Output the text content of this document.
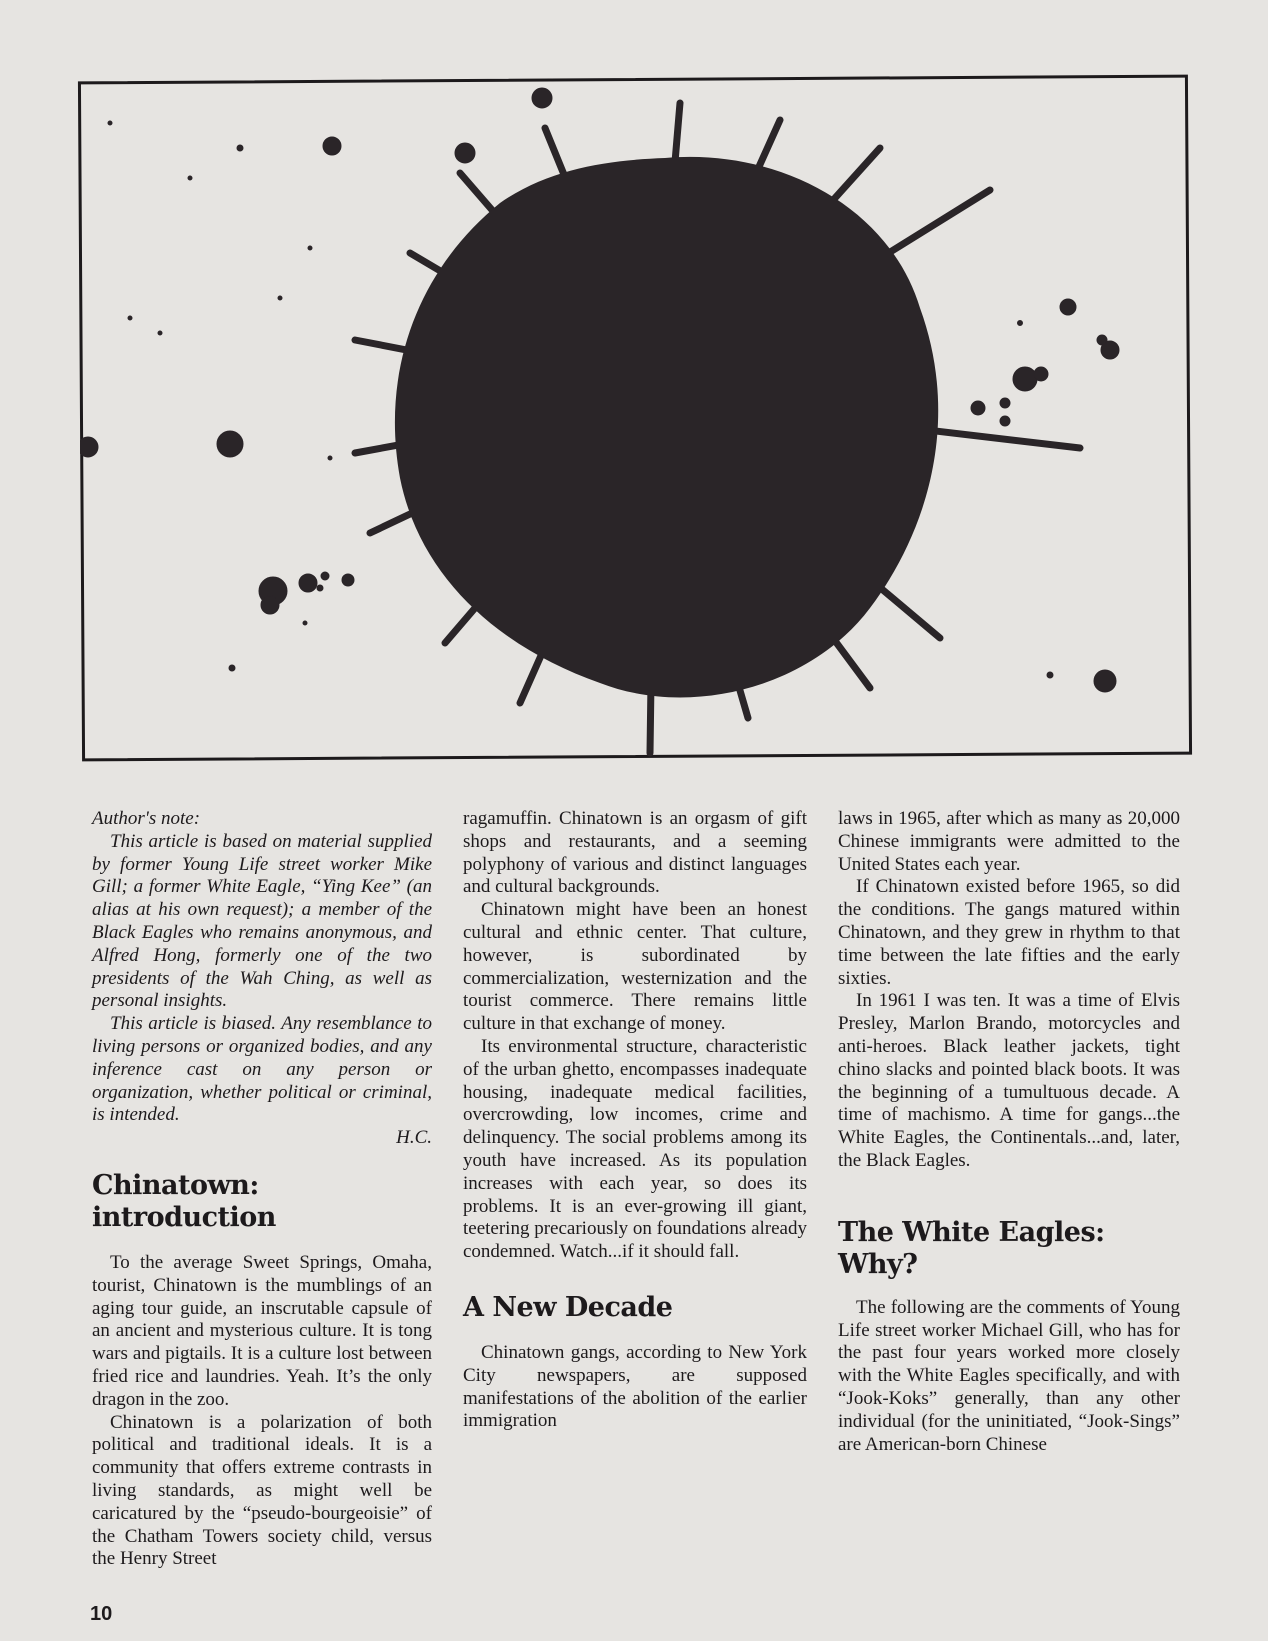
Author's note:

This article is based on material supplied by former Young Life street worker Mike Gill; a former White Eagle, “Ying Kee” (an alias at his own request); a member of the Black Eagles who remains anonymous, and Alfred Hong, formerly one of the two presidents of the Wah Ching, as well as personal insights.

This article is biased. Any resemblance to living persons or organized bodies, and any inference cast on any person or organization, whether political or criminal, is intended.

H.C.

Chinatown: introduction

To the average Sweet Springs, Omaha, tourist, Chinatown is the mumblings of an aging tour guide, an inscrutable capsule of an ancient and mysterious culture. It is tong wars and pigtails. It is a culture lost between fried rice and laundries. Yeah. It’s the only dragon in the zoo.

Chinatown is a polarization of both political and traditional ideals. It is a community that offers extreme contrasts in living standards, as might well be caricatured by the “pseudo-bourgeoisie” of the Chatham Towers society child, versus the Henry Street

ragamuffin. Chinatown is an orgasm of gift shops and restaurants, and a seeming polyphony of various and distinct languages and cultural backgrounds.

Chinatown might have been an honest cultural and ethnic center. That culture, however, is subordinated by commercialization, westernization and the tourist commerce. There remains little culture in that exchange of money.

Its environmental structure, characteristic of the urban ghetto, encompasses inadequate housing, inadequate medical facilities, overcrowding, low incomes, crime and delinquency. The social problems among its youth have increased. As its population increases with each year, so does its problems. It is an ever-growing ill giant, teetering precariously on foundations already condemned. Watch...if it should fall.

A New Decade

Chinatown gangs, according to New York City newspapers, are supposed manifestations of the abolition of the earlier immigration

laws in 1965, after which as many as 20,000 Chinese immigrants were admitted to the United States each year.

If Chinatown existed before 1965, so did the conditions. The gangs matured within Chinatown, and they grew in rhythm to that time between the late fifties and the early sixties.

In 1961 I was ten. It was a time of Elvis Presley, Marlon Brando, motorcycles and anti-heroes. Black leather jackets, tight chino slacks and pointed black boots. It was the beginning of a tumultuous decade. A time of machismo. A time for gangs...the White Eagles, the Continentals...and, later, the Black Eagles.

The White Eagles: Why?

The following are the comments of Young Life street worker Michael Gill, who has for the past four years worked more closely with the White Eagles specifically, and with “Jook-Koks” generally, than any other individual (for the uninitiated, “Jook-Sings” are American-born Chinese

10
